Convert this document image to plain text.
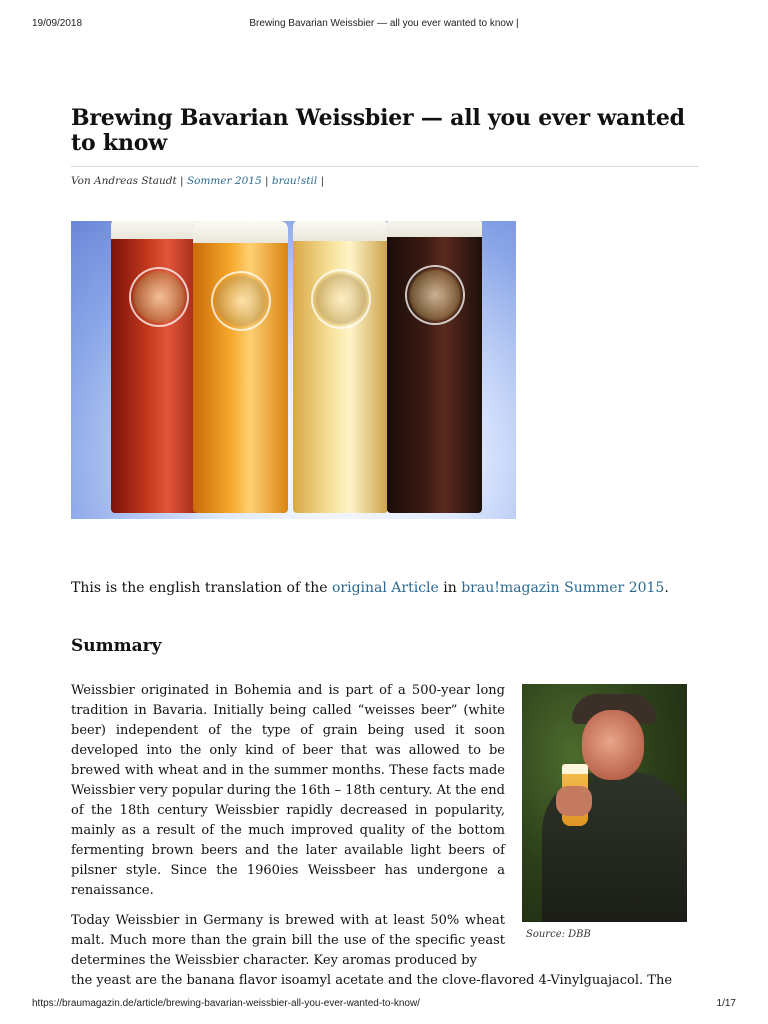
19/09/2018	Brewing Bavarian Weissbier — all you ever wanted to know |
Brewing Bavarian Weissbier — all you ever wanted to know
Von Andreas Staudt | Sommer 2015 | brau!stil |
This is the english translation of the original Article in brau!magazin Summer 2015.
Summary

Weissbier originated in Bohemia and is part of a 500-year long tradition in Bavaria. Initially being called “weisses beer” (white beer) independent of the type of grain being used it soon developed into the only kind of beer that was allowed to be brewed with wheat and in the summer months. These facts made Weissbier very popular during the 16th – 18th century. At the end of the 18th century Weissbier rapidly decreased in popularity, mainly as a result of the much improved quality of the bottom fermenting brown beers and the later available light beers of pilsner style. Since the 1960ies Weissbeer has undergone a renaissance.

Today Weissbier in Germany is brewed with at least 50% wheat malt. Much more than the grain bill the use of the specific yeast determines the Weissbier character. Key aromas produced by

the yeast are the banana flavor isoamyl acetate and the clove-flavored 4-Vinylguajacol. The
Source: DBB
https://braumagazin.de/article/brewing-bavarian-weissbier-all-you-ever-wanted-to-know/	1/17
